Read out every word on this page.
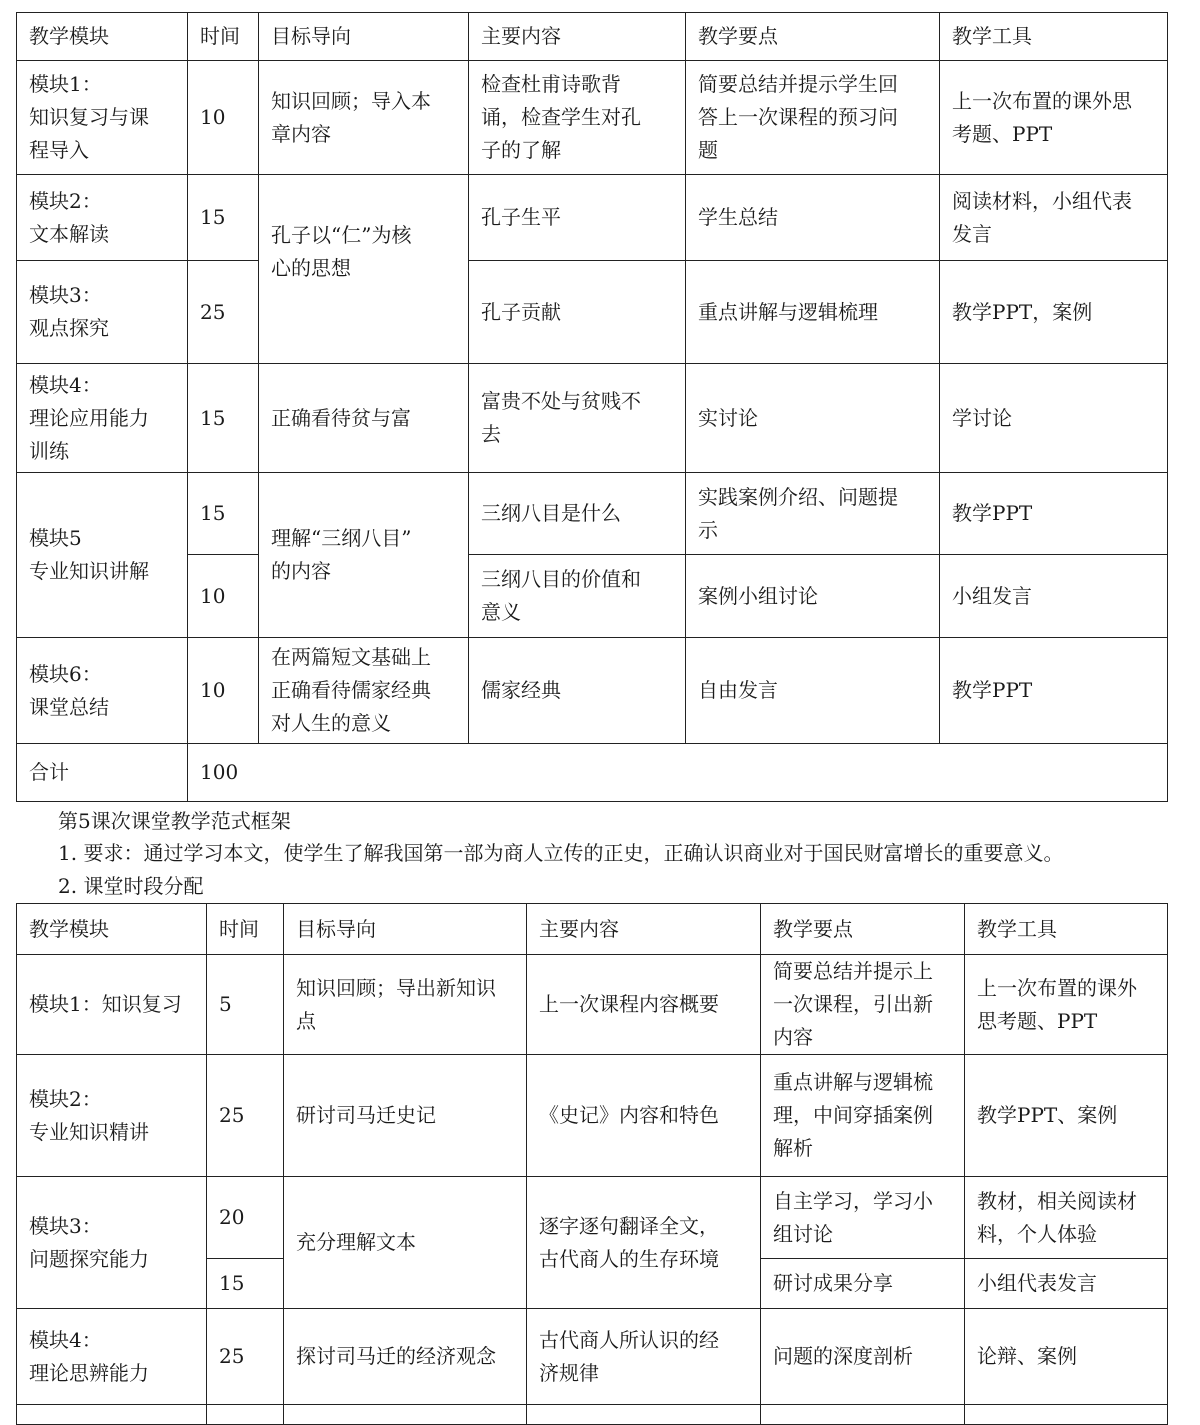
教学模块	时间	目标导向	主要内容	教学要点	教学工具
模块1：
知识复习与课
程导入	10	知识回顾；导入本
章内容	检查杜甫诗歌背
诵，检查学生对孔
子的了解	简要总结并提示学生回
答上一次课程的预习问
题	上一次布置的课外思
考题、PPT
模块2：
文本解读	15	孔子以“仁”为核
心的思想	孔子生平	学生总结	阅读材料，小组代表
发言
模块3：
观点探究	25		孔子贡献	重点讲解与逻辑梳理	教学PPT，案例
模块4：
理论应用能力
训练	15	正确看待贫与富	富贵不处与贫贱不
去	实讨论	学讨论
模块5
专业知识讲解	15	理解“三纲八目”
的内容	三纲八目是什么	实践案例介绍、问题提
示	教学PPT
	10		三纲八目的价值和
意义	案例小组讨论	小组发言
模块6：
课堂总结	10	在两篇短文基础上
正确看待儒家经典
对人生的意义	儒家经典	自由发言	教学PPT
合计	100				
第5课次课堂教学范式框架
1. 要求：通过学习本文，使学生了解我国第一部为商人立传的正史，正确认识商业对于国民财富增长的重要意义。
2. 课堂时段分配
教学模块	时间	目标导向	主要内容	教学要点	教学工具
模块1：知识复习	5	知识回顾；导出新知识
点	上一次课程内容概要	简要总结并提示上
一次课程，引出新
内容	上一次布置的课外
思考题、PPT
模块2：
专业知识精讲	25	研讨司马迁史记	《史记》内容和特色	重点讲解与逻辑梳
理，中间穿插案例
解析	教学PPT、案例
模块3：
问题探究能力	20	充分理解文本	逐字逐句翻译全文，
古代商人的生存环境	自主学习，学习小
组讨论	教材，相关阅读材
料，个人体验
	15			研讨成果分享	小组代表发言
模块4：
理论思辨能力	25	探讨司马迁的经济观念	古代商人所认识的经
济规律	问题的深度剖析	论辩、案例
